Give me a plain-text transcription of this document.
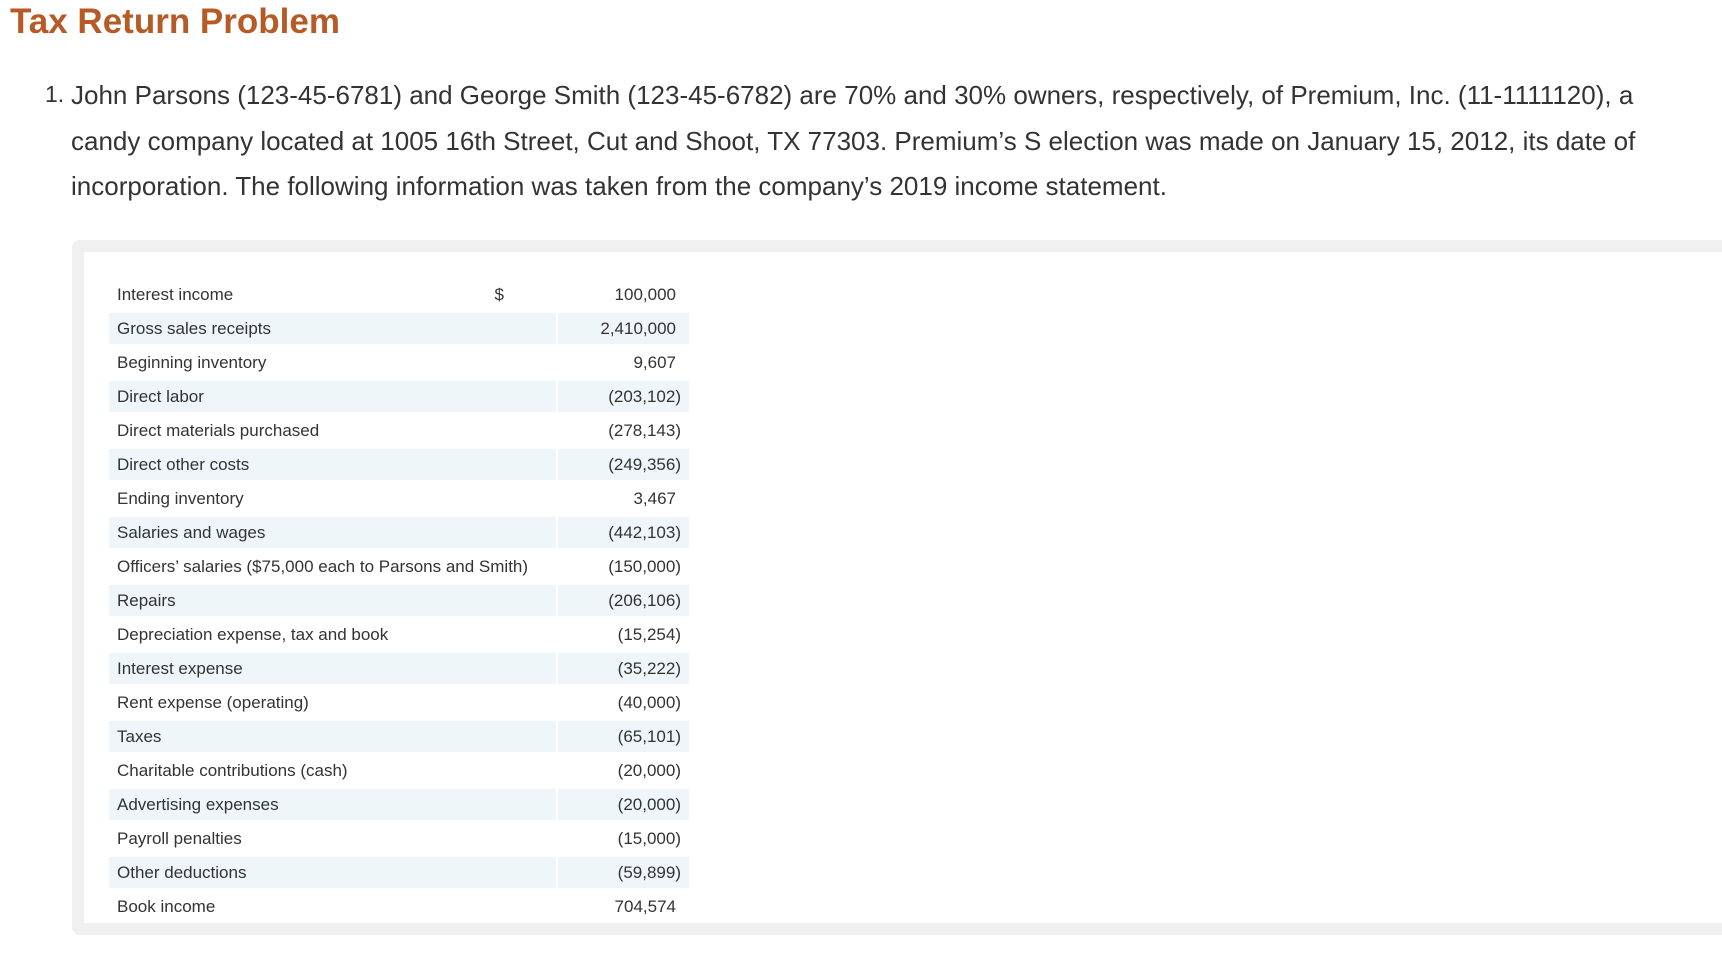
Tax Return Problem
1. John Parsons (123-45-6781) and George Smith (123-45-6782) are 70% and 30% owners, respectively, of Premium, Inc. (11-1111120), a candy company located at 1005 16th Street, Cut and Shoot, TX 77303. Premium’s S election was made on January 15, 2012, its date of incorporation. The following information was taken from the company’s 2019 income statement.

Interest income	$ 100,000
Gross sales receipts	2,410,000
Beginning inventory	9,607
Direct labor	(203,102)
Direct materials purchased	(278,143)
Direct other costs	(249,356)
Ending inventory	3,467
Salaries and wages	(442,103)
Officers’ salaries ($75,000 each to Parsons and Smith)	(150,000)
Repairs	(206,106)
Depreciation expense, tax and book	(15,254)
Interest expense	(35,222)
Rent expense (operating)	(40,000)
Taxes	(65,101)
Charitable contributions (cash)	(20,000)
Advertising expenses	(20,000)
Payroll penalties	(15,000)
Other deductions	(59,899)
Book income	704,574
